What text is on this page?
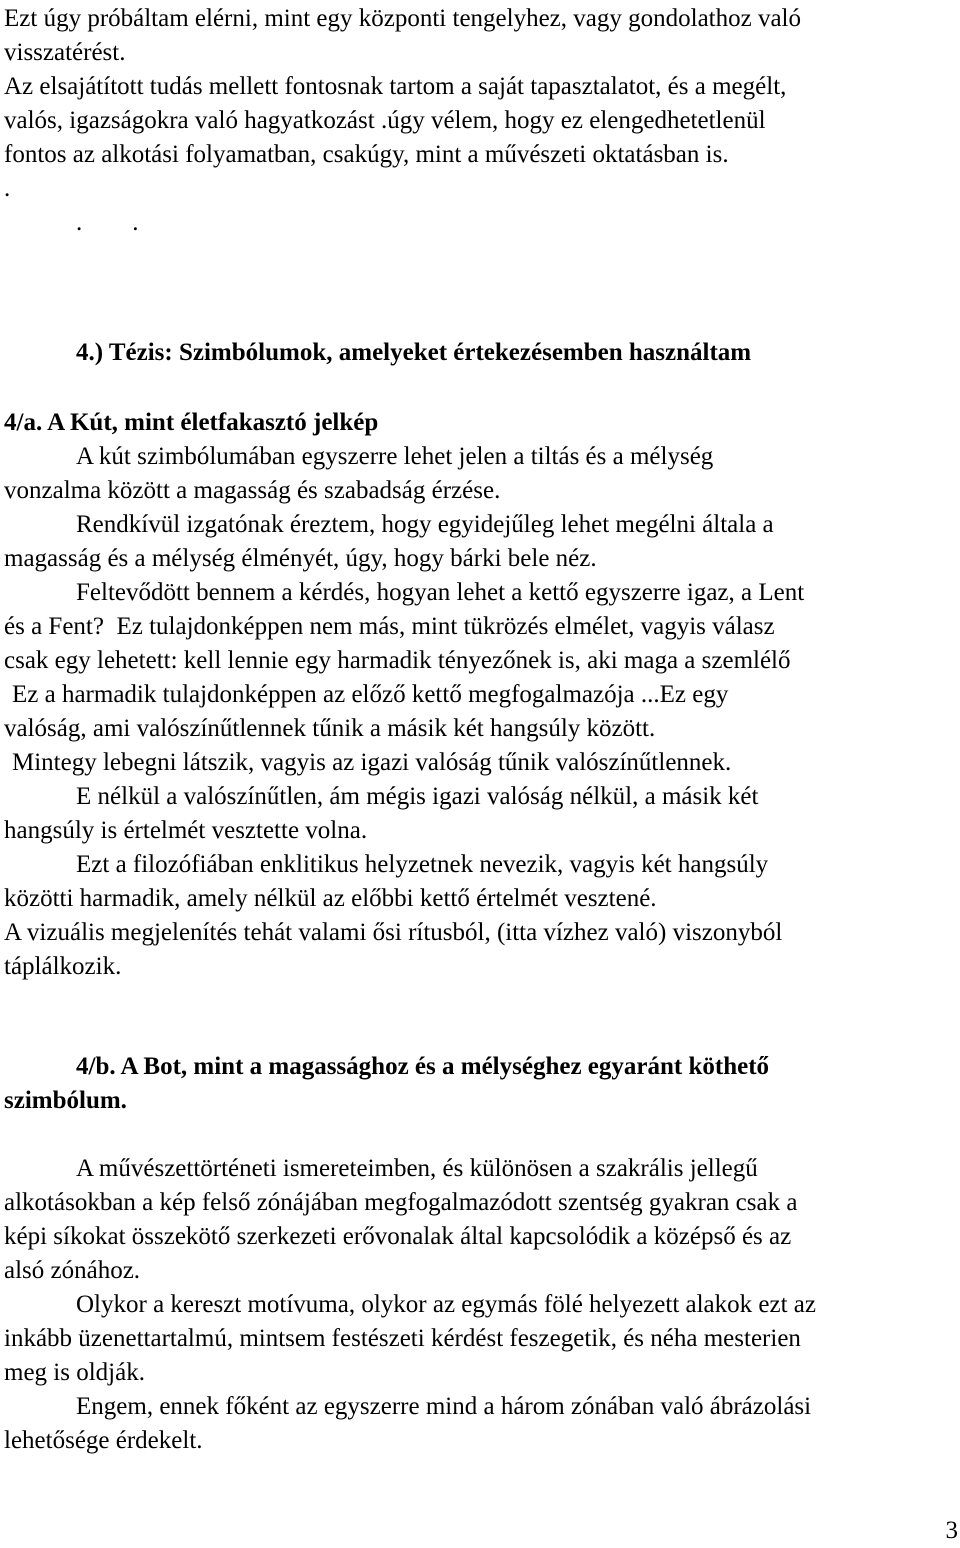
Ezt úgy próbáltam elérni, mint egy központi tengelyhez, vagy gondolathoz való
visszatérést.
Az elsajátított tudás mellett fontosnak tartom a saját tapasztalatot, és a megélt,
valós, igazságokra való hagyatkozást .úgy vélem, hogy ez elengedhetetlenül
fontos az alkotási folyamatban, csakúgy, mint a művészeti oktatásban is.
.
.        .
4.) Tézis: Szimbólumok, amelyeket értekezésemben használtam
4/a. A Kút, mint életfakasztó jelkép
A kút szimbólumában egyszerre lehet jelen a tiltás és a mélység
vonzalma között a magasság és szabadság érzése.
Rendkívül izgatónak éreztem, hogy egyidejűleg lehet megélni általa a
magasság és a mélység élményét, úgy, hogy bárki bele néz.
Feltevődött bennem a kérdés, hogyan lehet a kettő egyszerre igaz, a Lent
és a Fent?  Ez tulajdonképpen nem más, mint tükrözés elmélet, vagyis válasz
csak egy lehetett: kell lennie egy harmadik tényezőnek is, aki maga a szemlélő
Ez a harmadik tulajdonképpen az előző kettő megfogalmazója ...Ez egy
valóság, ami valószínűtlennek tűnik a másik két hangsúly között.
Mintegy lebegni látszik, vagyis az igazi valóság tűnik valószínűtlennek.
E nélkül a valószínűtlen, ám mégis igazi valóság nélkül, a másik két
hangsúly is értelmét vesztette volna.
Ezt a filozófiában enklitikus helyzetnek nevezik, vagyis két hangsúly
közötti harmadik, amely nélkül az előbbi kettő értelmét vesztené.
A vizuális megjelenítés tehát valami ősi rítusból, (itta vízhez való) viszonyból
táplálkozik.
4/b. A Bot, mint a magassághoz és a mélységhez egyaránt köthető
szimbólum.
A művészettörténeti ismereteimben, és különösen a szakrális jellegű
alkotásokban a kép felső zónájában megfogalmazódott szentség gyakran csak a
képi síkokat összekötő szerkezeti erővonalak által kapcsolódik a középső és az
alsó zónához.
Olykor a kereszt motívuma, olykor az egymás fölé helyezett alakok ezt az
inkább üzenettartalmú, mintsem festészeti kérdést feszegetik, és néha mesterien
meg is oldják.
Engem, ennek főként az egyszerre mind a három zónában való ábrázolási
lehetősége érdekelt.
3
